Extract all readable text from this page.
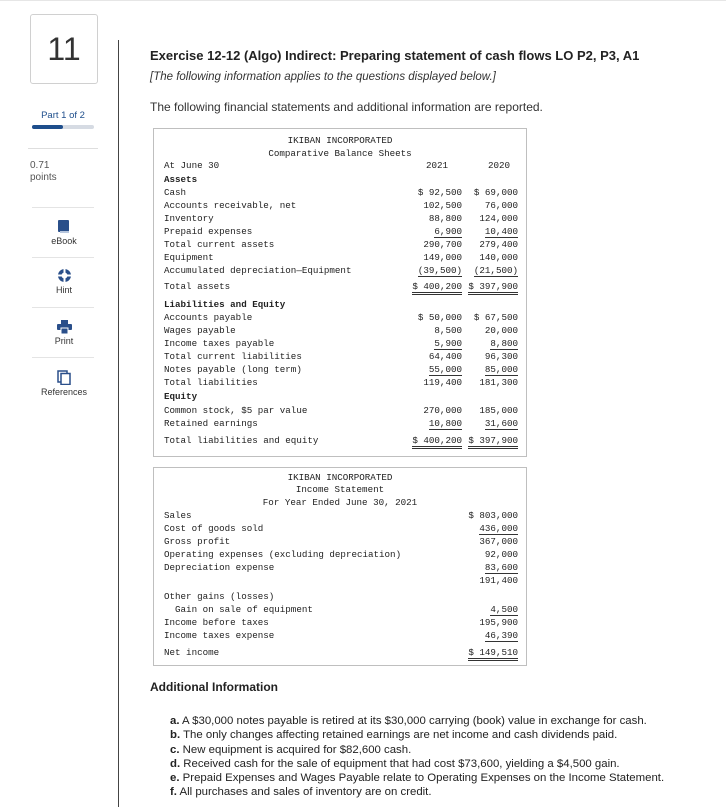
11
Part 1 of 2
0.71
points
eBook
Hint
Print
References
Exercise 12-12 (Algo) Indirect: Preparing statement of cash flows LO P2, P3, A1
[The following information applies to the questions displayed below.]
The following financial statements and additional information are reported.
IKIBAN INCORPORATED
Comparative Balance Sheets
At June 30	2021	2020
Assets
Cash	$ 92,500 $ 69,000
Accounts receivable, net	102,500 76,000
Inventory	88,800 124,000
Prepaid expenses	6,900 10,400
Total current assets	290,700 279,400
Equipment	149,000 140,000
Accumulated depreciation—Equipment	(39,500) (21,500)
Total assets	$ 400,200 $ 397,900
Liabilities and Equity
Accounts payable	$ 50,000 $ 67,500
Wages payable	8,500 20,000
Income taxes payable	5,900	8,800
Total current liabilities	64,400 96,300
Notes payable (long term)	55,000 85,000
Total liabilities	119,400 181,300
Equity
Common stock, $5 par value	270,000 185,000
Retained earnings	10,800 31,600
Total liabilities and equity	$ 400,200 $ 397,900
IKIBAN INCORPORATED
Income Statement
For Year Ended June 30, 2021
Sales	$ 803,000
Cost of goods sold	436,000
Gross profit	367,000
Operating expenses (excluding depreciation)	92,000
Depreciation expense	83,600
191,400
Other gains (losses)
Gain on sale of equipment	4,500
Income before taxes	195,900
Income taxes expense	46,390
Net income	$ 149,510
Additional Information
a. A $30,000 notes payable is retired at its $30,000 carrying (book) value in exchange for cash.
b. The only changes affecting retained earnings are net income and cash dividends paid.
c. New equipment is acquired for $82,600 cash.
d. Received cash for the sale of equipment that had cost $73,600, yielding a $4,500 gain.
e. Prepaid Expenses and Wages Payable relate to Operating Expenses on the Income Statement.
f. All purchases and sales of inventory are on credit.
